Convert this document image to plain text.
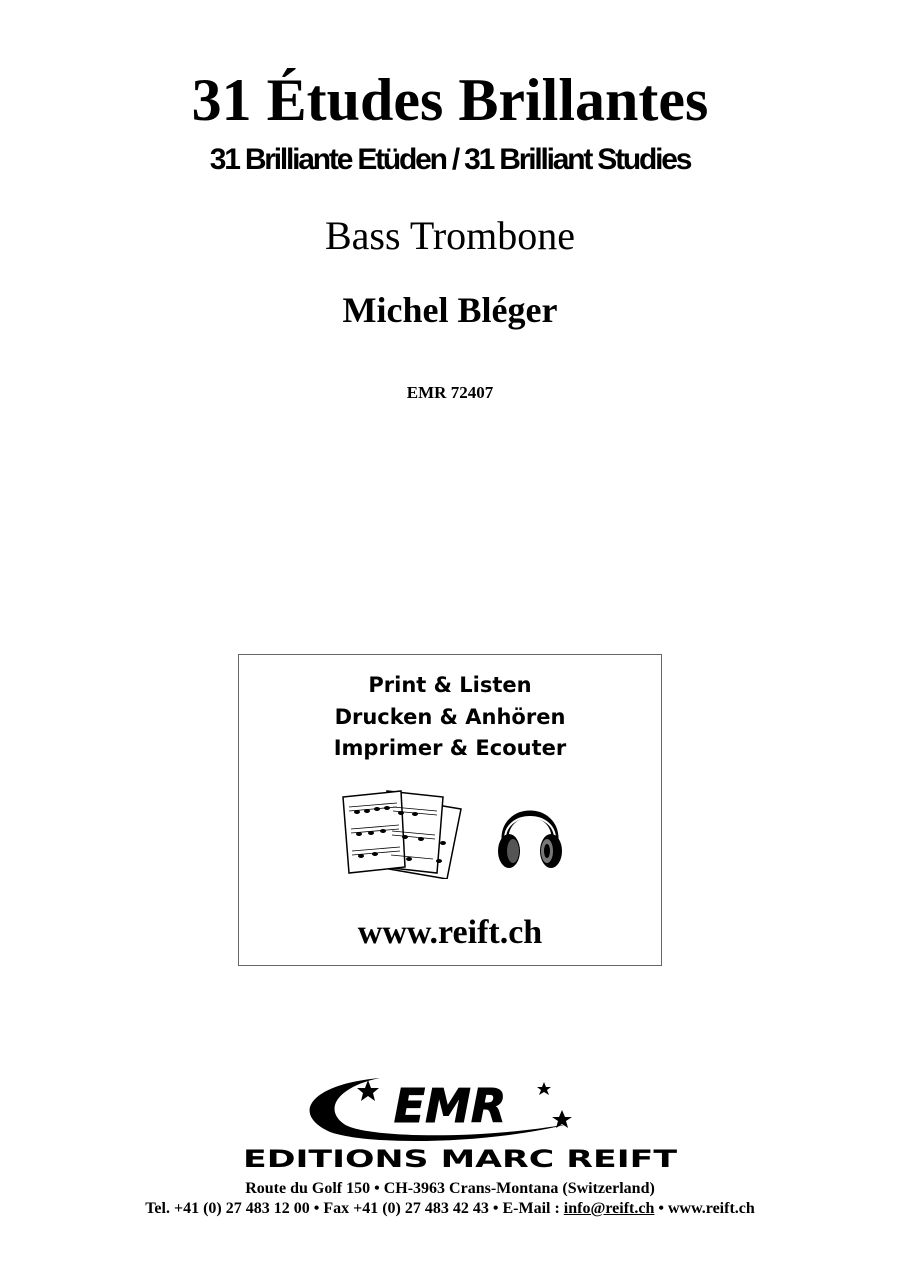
31 Études Brillantes
31 Brilliante Etüden / 31 Brilliant Studies
Bass Trombone
Michel Bléger
EMR 72407
Print & Listen
Drucken & Anhören
Imprimer & Ecouter
www.reift.ch
EMR
EDITIONS MARC REIFT
Route du Golf 150 • CH-3963 Crans-Montana (Switzerland)
Tel. +41 (0) 27 483 12 00 • Fax +41 (0) 27 483 42 43 • E-Mail : info@reift.ch • www.reift.ch
